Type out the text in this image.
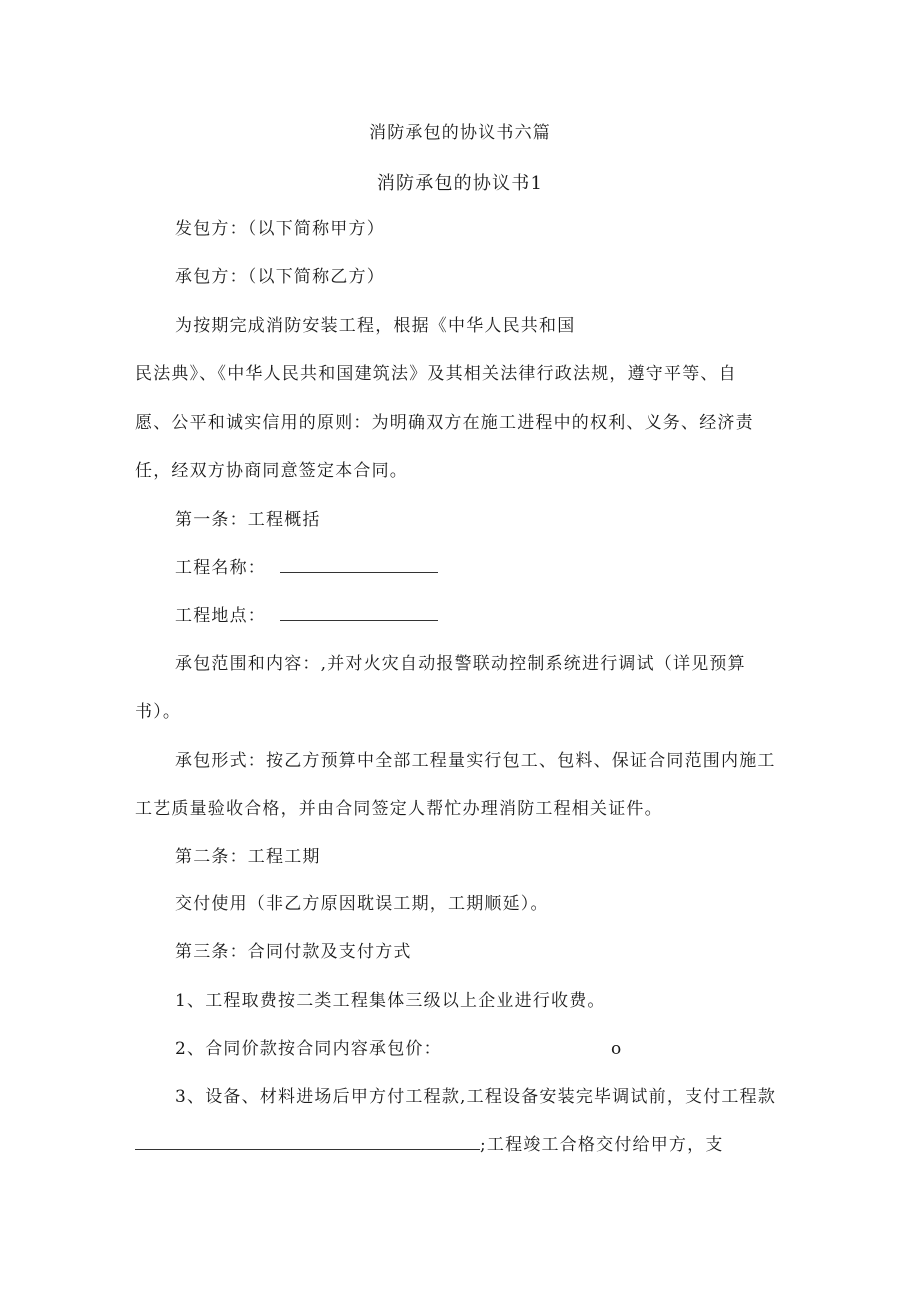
消防承包的协议书六篇
消防承包的协议书1
发包方：（以下简称甲方）
承包方：（以下简称乙方）
为按期完成消防安装工程，根据《中华人民共和国
民法典》、《中华人民共和国建筑法》及其相关法律行政法规，遵守平等、自
愿、公平和诚实信用的原则：为明确双方在施工进程中的权利、义务、经济责
任，经双方协商同意签定本合同。
第一条：工程概括
工程名称：
工程地点：
承包范围和内容：,并对火灾自动报警联动控制系统进行调试（详见预算
书）。
承包形式：按乙方预算中全部工程量实行包工、包料、保证合同范围内施工
工艺质量验收合格，并由合同签定人帮忙办理消防工程相关证件。
第二条：工程工期
交付使用（非乙方原因耽误工期，工期顺延）。
第三条：合同付款及支付方式
1、工程取费按二类工程集体三级以上企业进行收费。
2、合同价款按合同内容承包价：	o
3、设备、材料进场后甲方付工程款,工程设备安装完毕调试前，支付工程款
;工程竣工合格交付给甲方，支
